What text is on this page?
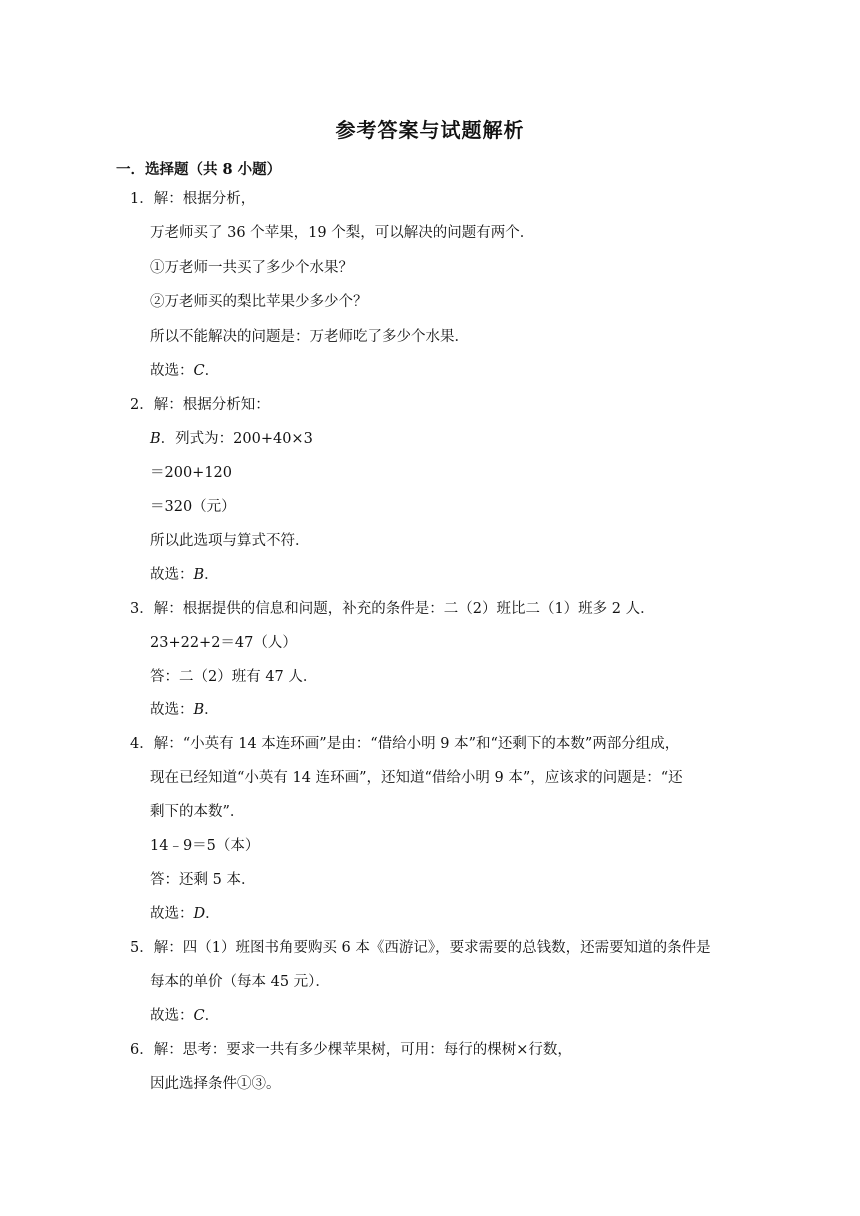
参考答案与试题解析
一．选择题（共 8 小题）
1．解：根据分析，
万老师买了 36 个苹果，19 个梨，可以解决的问题有两个．
①万老师一共买了多少个水果？
②万老师买的梨比苹果少多少个？
所以不能解决的问题是：万老师吃了多少个水果．
故选：C．
2．解：根据分析知：
B．列式为：200+40×3
＝200+120
＝320（元）
所以此选项与算式不符．
故选：B．
3．解：根据提供的信息和问题，补充的条件是：二（2）班比二（1）班多 2 人．
23+22+2＝47（人）
答：二（2）班有 47 人．
故选：B．
4．解：“小英有 14 本连环画”是由：“借给小明 9 本”和“还剩下的本数”两部分组成，
现在已经知道“小英有 14 连环画”，还知道“借给小明 9 本”，应该求的问题是：“还
剩下的本数”．
14﹣9＝5（本）
答：还剩 5 本．
故选：D．
5．解：四（1）班图书角要购买 6 本《西游记》，要求需要的总钱数，还需要知道的条件是
每本的单价（每本 45 元）．
故选：C．
6．解：思考：要求一共有多少棵苹果树，可用：每行的棵树×行数，
因此选择条件①③。
